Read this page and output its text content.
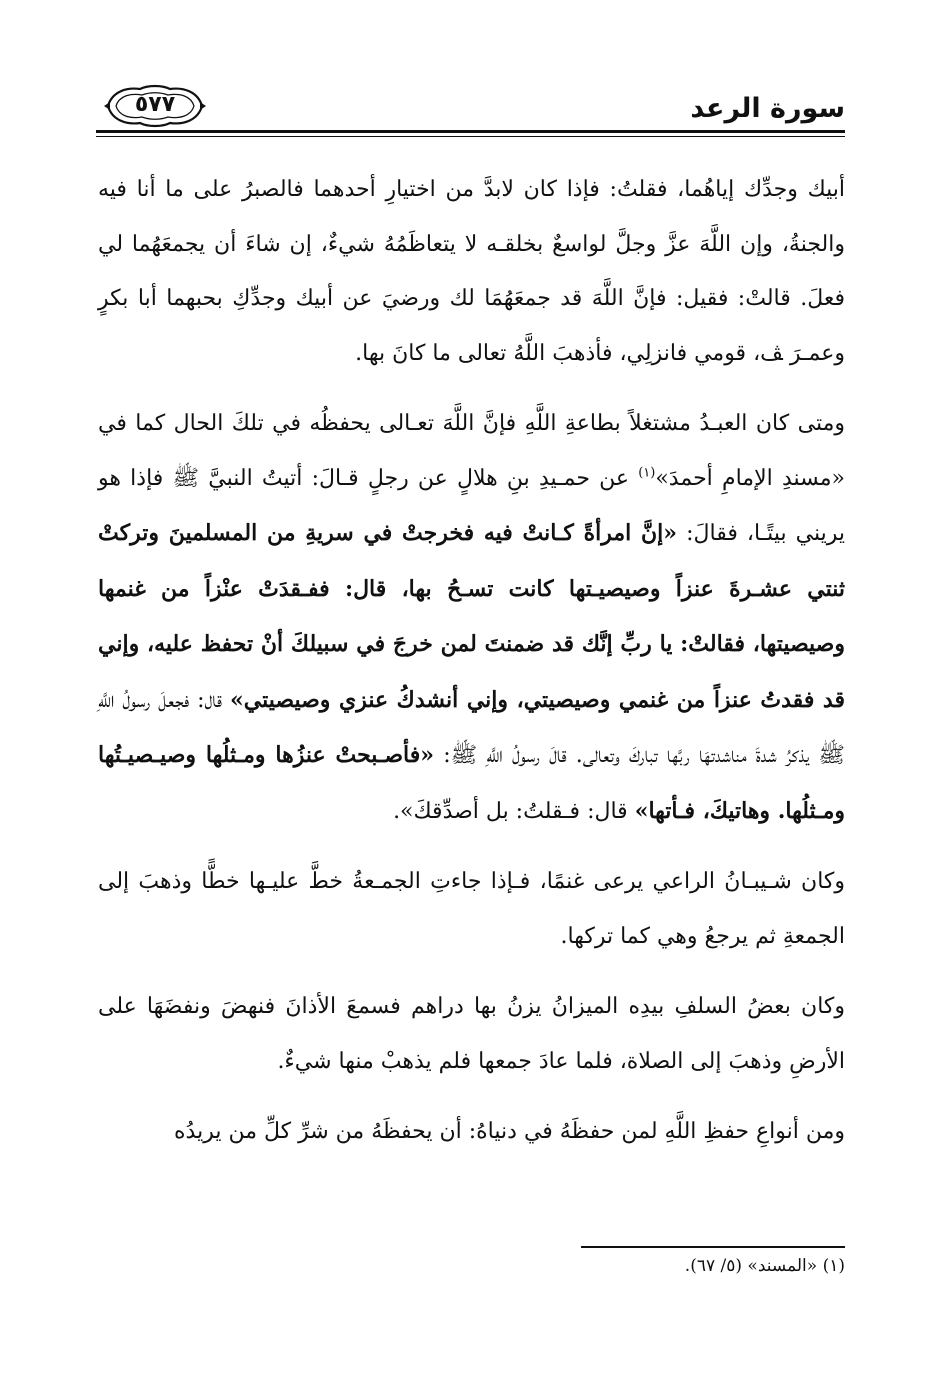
سورة الرعد
٥٧٧

أبيك وجدِّك إياهُما، فقلتُ: فإذا كان لابدَّ من اختيارِ أحدهما فالصبرُ على ما أنا فيه والجنةُ، وإن اللَّهَ عزَّ وجلَّ لواسعٌ بخلقـه لا يتعاظَمُهُ شيءٌ، إن شاءَ أن يجمعَهُما لي فعلَ. قالتْ: فقيل: فإنَّ اللَّهَ قد جمعَهُمَا لك ورضيَ عن أبيك وجدِّكِ بحبهما أبا بكرٍ وعمـرَ ﭫ، قومي فانزلِي، فأذهبَ اللَّهُ تعالى ما كانَ بها.

ومتى كان العبـدُ مشتغلاً بطاعةِ اللَّهِ فإنَّ اللَّهَ تعـالى يحفظُه في تلكَ الحال كما في «مسندِ الإمامِ أحمدَ»$^{(١)}$ عن حمـيدِ بنِ هلالٍ عن رجلٍ قـالَ: أتيتُ النبيَّ ﷺ فإذا هو يريني بيتًـا، فقالَ: «إنَّ امرأةً كـانتْ فيه فخرجتْ في سريةِ من المسلمينَ وتركتْ ثنتي عشـرةَ عنزاً وصيصيـتها كانت تسـحُ بها، قال: ففـقدَتْ عنْزاً من غنمها وصيصيتها، فقالتْ: يا ربِّ إنَّك قد ضمنتَ لمن خرجَ في سبيلكَ أنْ تحفظ عليه، وإني قد فقدتُ عنزاً من غنمي وصيصيتي، وإني أنشدكُ عنزي وصيصيتي» قال: فجعلَ رسولُ اللَّهِ ﷺ يذكرُ شدةَ مناشدتهَا ربَّها تباركَ وتعالى. قالَ رسولُ اللَّهِ ﷺ: «فأصـبحتْ عنزُها ومـثلُها وصيـصيـتُها ومـثلُها. وهاتيكَ، فـأتها» قال: فـقلتُ: بل أصدِّقكَ».

وكان شـيبـانُ الراعي يرعى غنمًا، فـإذا جاءتِ الجمـعةُ خطَّ عليـها خطًّا وذهبَ إلى الجمعةِ ثم يرجعُ وهي كما تركها.

وكان بعضُ السلفِ بيدِه الميزانُ يزنُ بها دراهم فسمعَ الأذانَ فنهضَ ونفضَهَا على الأرضِ وذهبَ إلى الصلاة، فلما عادَ جمعها فلم يذهبْ منها شيءٌ.

ومن أنواعِ حفظِ اللَّهِ لمن حفظَهُ في دنياهُ: أن يحفظَهُ من شرِّ كلِّ من يريدُه

(١) «المسند» (٥/ ٦٧).
